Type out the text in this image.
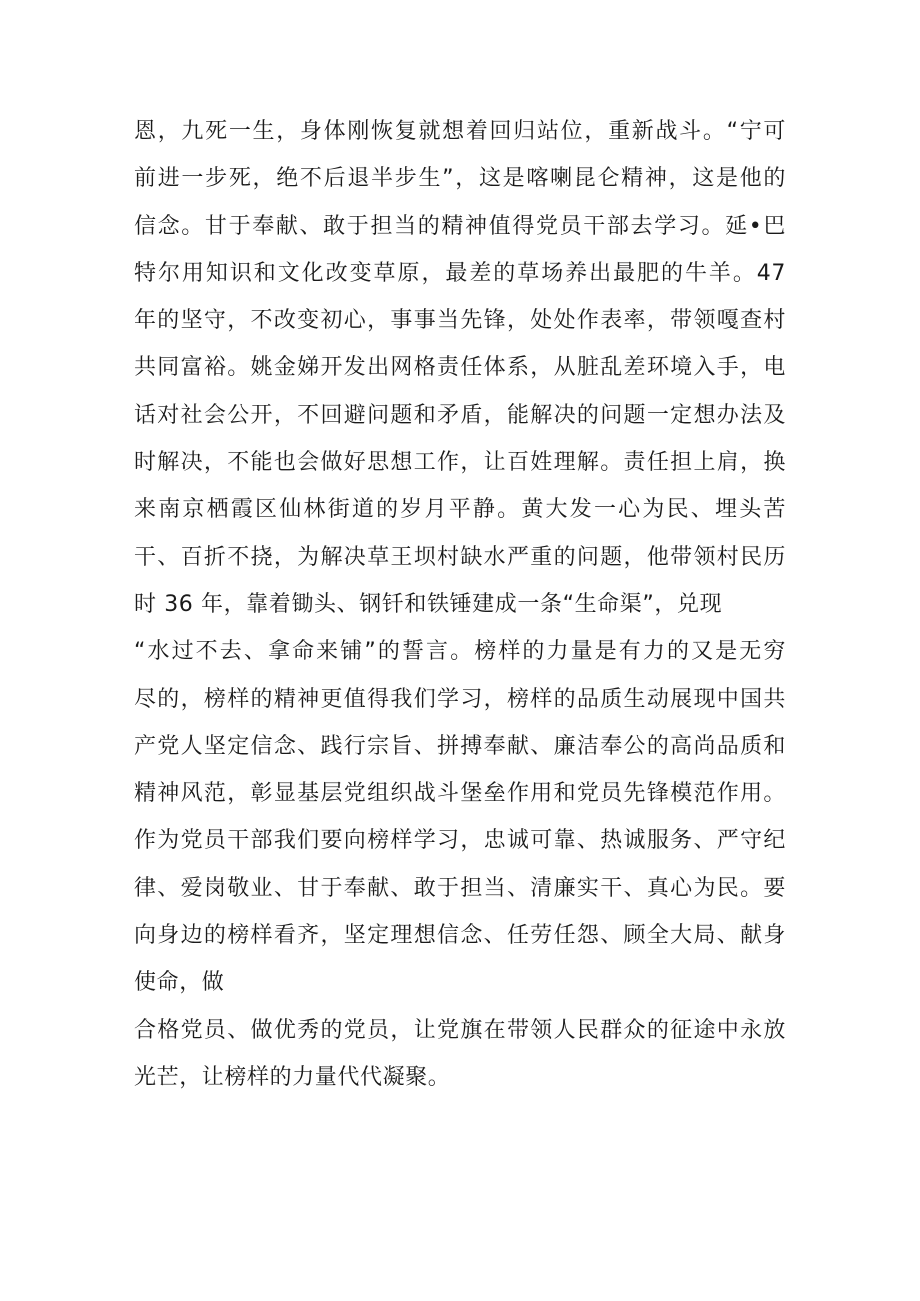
恩，九死一生，身体刚恢复就想着回归站位，重新战斗。“宁可
前进一步死，绝不后退半步生”，这是喀喇昆仑精神，这是他的
信念。甘于奉献、敢于担当的精神值得党员干部去学习。延•巴
特尔用知识和文化改变草原，最差的草场养出最肥的牛羊。47
年的坚守，不改变初心，事事当先锋，处处作表率，带领嘎查村
共同富裕。姚金娣开发出网格责任体系，从脏乱差环境入手，电
话对社会公开，不回避问题和矛盾，能解决的问题一定想办法及
时解决，不能也会做好思想工作，让百姓理解。责任担上肩，换
来南京栖霞区仙林街道的岁月平静。黄大发一心为民、埋头苦
干、百折不挠，为解决草王坝村缺水严重的问题，他带领村民历
时 36 年，靠着锄头、钢钎和铁锤建成一条“生命渠”，兑现
“水过不去、拿命来铺”的誓言。榜样的力量是有力的又是无穷
尽的，榜样的精神更值得我们学习，榜样的品质生动展现中国共
产党人坚定信念、践行宗旨、拼搏奉献、廉洁奉公的高尚品质和
精神风范，彰显基层党组织战斗堡垒作用和党员先锋模范作用。
作为党员干部我们要向榜样学习，忠诚可靠、热诚服务、严守纪
律、爱岗敬业、甘于奉献、敢于担当、清廉实干、真心为民。要
向身边的榜样看齐，坚定理想信念、任劳任怨、顾全大局、献身
使命，做
合格党员、做优秀的党员，让党旗在带领人民群众的征途中永放
光芒，让榜样的力量代代凝聚。
